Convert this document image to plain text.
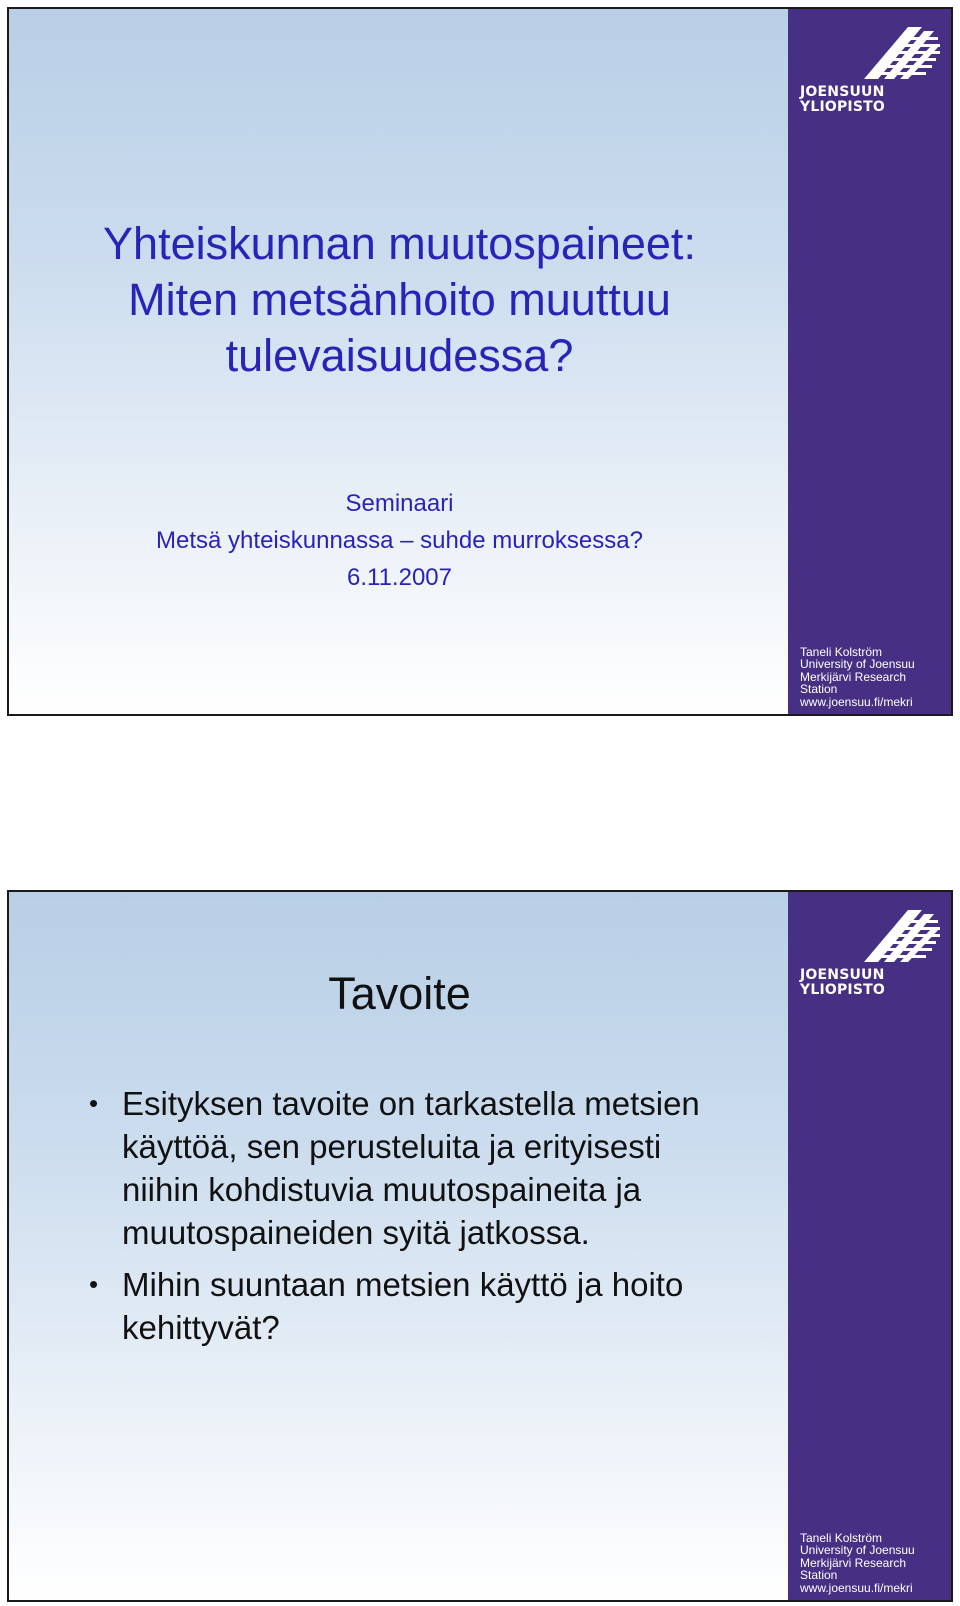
Yhteiskunnan muutospaineet:
Miten metsänhoito muuttuu
tulevaisuudessa?
Seminaari
Metsä yhteiskunnassa – suhde murroksessa?
6.11.2007
JOENSUUN
YLIOPISTO
Taneli Kolström
University of Joensuu
Merkijärvi Research
Station
www.joensuu.fi/mekri
Tavoite
• Esityksen tavoite on tarkastella metsien
käyttöä, sen perusteluita ja erityisesti
niihin kohdistuvia muutospaineita ja
muutospaineiden syitä jatkossa.
• Mihin suuntaan metsien käyttö ja hoito
kehittyvät?
JOENSUUN
YLIOPISTO
Taneli Kolström
University of Joensuu
Merkijärvi Research
Station
www.joensuu.fi/mekri
